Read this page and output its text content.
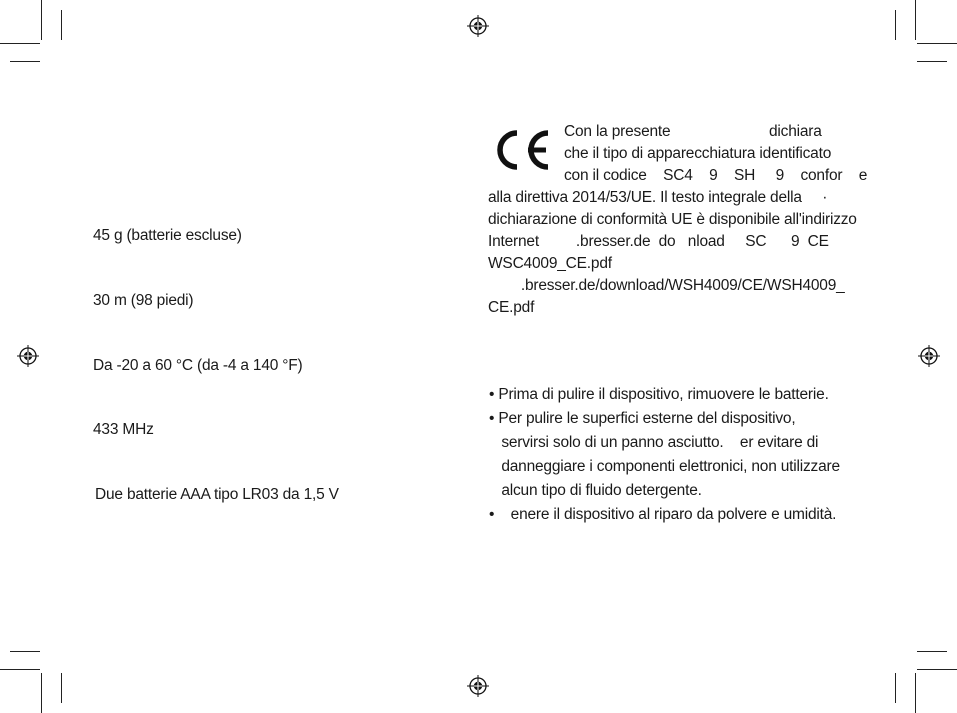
45 g (batterie escluse)
30 m (98 piedi)
Da -20 a 60 °C (da -4 a 140 °F)
433 MHz
Due batterie AAA tipo LR03 da 1,5 V
Con la presente                        dichiara
che il tipo di apparecchiatura identificato
con il codice    SC4    9    SH     9    confor    e
alla direttiva 2014/53/UE. Il testo integrale della     ·
dichiarazione di conformità UE è disponibile all'indirizzo
Internet         .bresser.de  do   nload     SC      9  CE
WSC4009_CE.pdf
.bresser.de/download/WSH4009/CE/WSH4009_
CE.pdf
• Prima di pulire il dispositivo, rimuovere le batterie.
• Per pulire le superfici esterne del dispositivo,
servirsi solo di un panno asciutto.    er evitare di
danneggiare i componenti elettronici, non utilizzare
alcun tipo di fluido detergente.
•    enere il dispositivo al riparo da polvere e umidità.
